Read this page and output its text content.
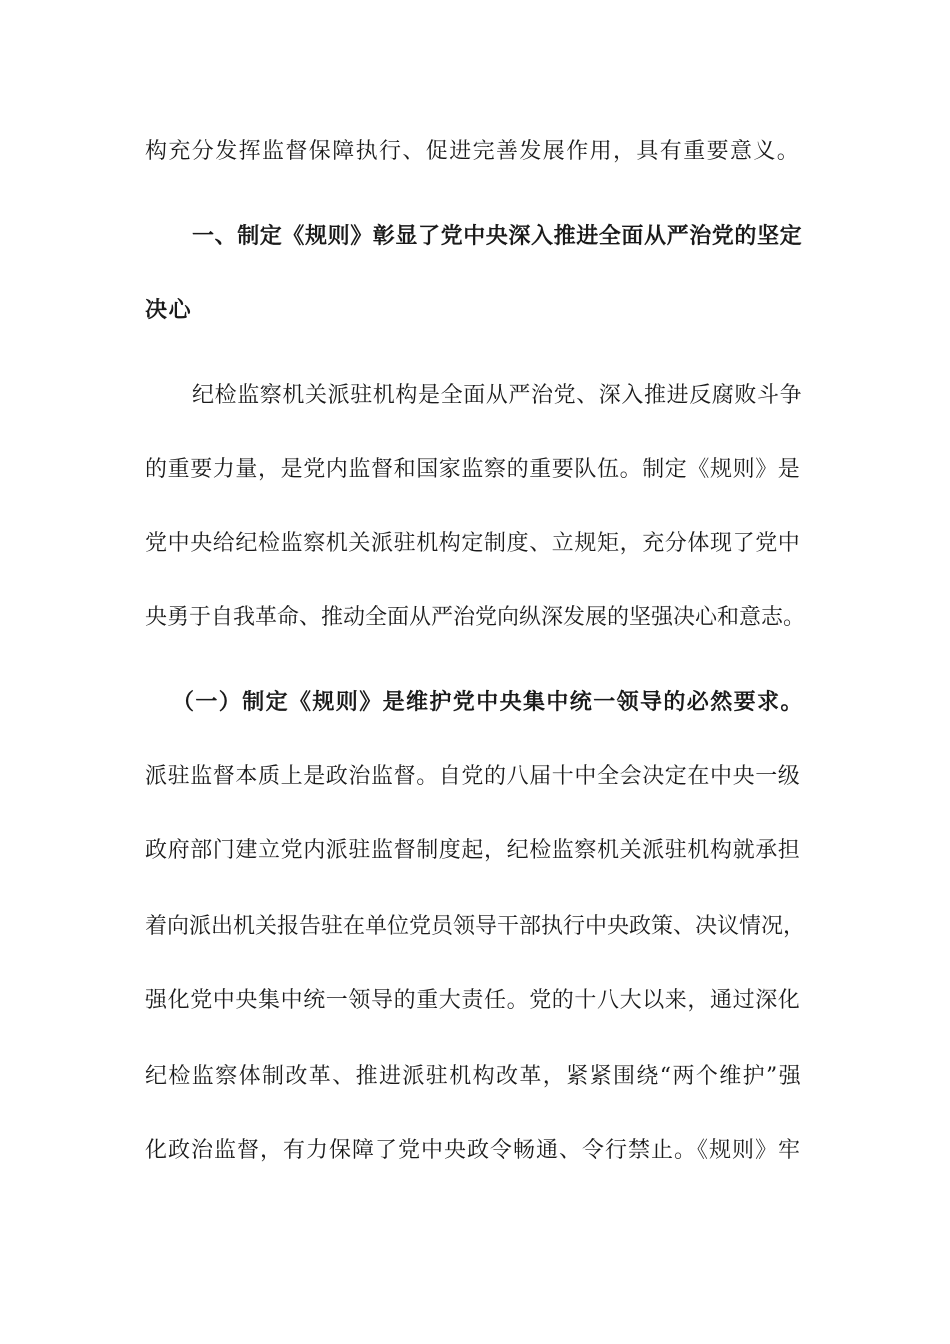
构充分发挥监督保障执行、促进完善发展作用，具有重要意义。
一、制定《规则》彰显了党中央深入推进全面从严治党的坚定
决心
纪检监察机关派驻机构是全面从严治党、深入推进反腐败斗争
的重要力量，是党内监督和国家监察的重要队伍。制定《规则》是
党中央给纪检监察机关派驻机构定制度、立规矩，充分体现了党中
央勇于自我革命、推动全面从严治党向纵深发展的坚强决心和意志。
（一）制定《规则》是维护党中央集中统一领导的必然要求。
派驻监督本质上是政治监督。自党的八届十中全会决定在中央一级
政府部门建立党内派驻监督制度起，纪检监察机关派驻机构就承担
着向派出机关报告驻在单位党员领导干部执行中央政策、决议情况，
强化党中央集中统一领导的重大责任。党的十八大以来，通过深化
纪检监察体制改革、推进派驻机构改革，紧紧围绕“两个维护”强
化政治监督，有力保障了党中央政令畅通、令行禁止。《规则》牢
